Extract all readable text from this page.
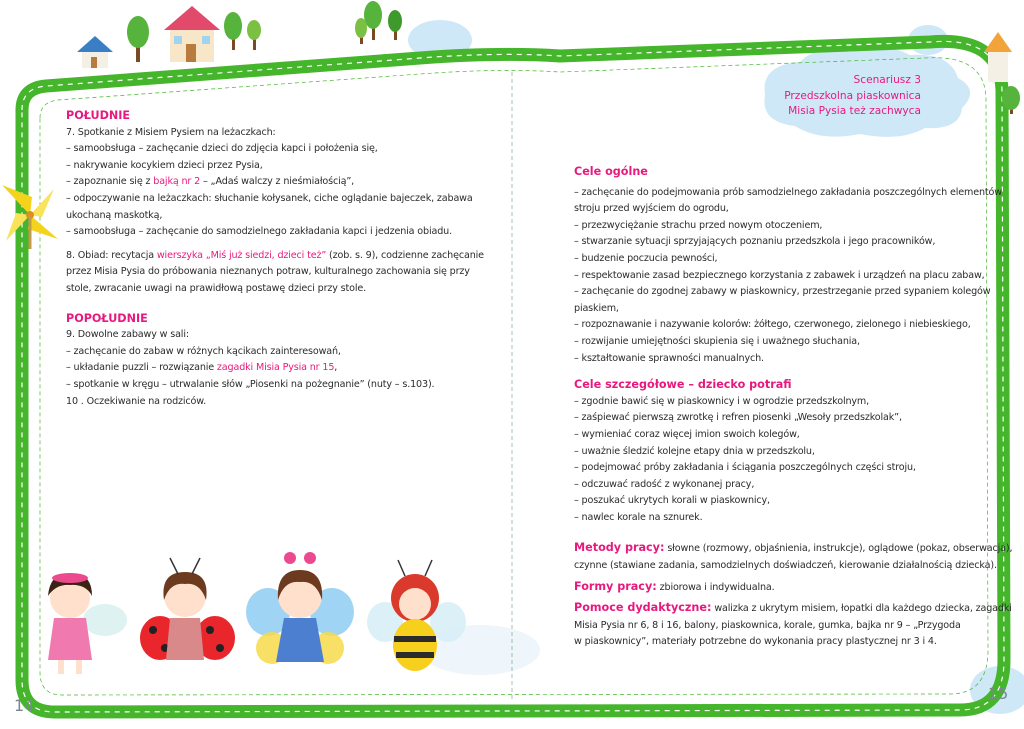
Scenariusz 3
Przedszkolna piaskownica
Misia Pysia też zachwyca

POŁUDNIE

7. Spotkanie z Misiem Pysiem na leżaczkach:

– samoobsługa – zachęcanie dzieci do zdjęcia kapci i położenia się,

– nakrywanie kocykiem dzieci przez Pysia,

– zapoznanie się z bajką nr 2 – „Adaś walczy z nieśmiałością”,

– odpoczywanie na leżaczkach: słuchanie kołysanek, ciche oglądanie bajeczek, zabawa

ukochaną maskotką,

– samoobsługa – zachęcanie do samodzielnego zakładania kapci i jedzenia obiadu.

8. Obiad: recytacja wierszyka „Miś już siedzi, dzieci też” (zob. s. 9), codzienne zachęcanie

przez Misia Pysia do próbowania nieznanych potraw, kulturalnego zachowania się przy

stole, zwracanie uwagi na prawidłową postawę dzieci przy stole.

POPOŁUDNIE

9. Dowolne zabawy w sali:

– zachęcanie do zabaw w różnych kącikach zainteresowań,

– układanie puzzli – rozwiązanie zagadki Misia Pysia nr 15,

– spotkanie w kręgu – utrwalanie słów „Piosenki na pożegnanie” (nuty – s.103).

10 . Oczekiwanie na rodziców.

Cele ogólne

– zachęcanie do podejmowania prób samodzielnego zakładania poszczególnych elementów

stroju przed wyjściem do ogrodu,

– przezwyciężanie strachu przed nowym otoczeniem,

– stwarzanie sytuacji sprzyjających poznaniu przedszkola i jego pracowników,

– budzenie poczucia pewności,

– respektowanie zasad bezpiecznego korzystania z zabawek i urządzeń na placu zabaw,

– zachęcanie do zgodnej zabawy w piaskownicy, przestrzeganie przed sypaniem kolegów

piaskiem,

– rozpoznawanie i nazywanie kolorów: żółtego, czerwonego, zielonego i niebieskiego,

– rozwijanie umiejętności skupienia się i uważnego słuchania,

– kształtowanie sprawności manualnych.

Cele szczegółowe – dziecko potrafi

– zgodnie bawić się w piaskownicy i w ogrodzie przedszkolnym,

– zaśpiewać pierwszą zwrotkę i refren piosenki „Wesoły przedszkolak”,

– wymieniać coraz więcej imion swoich kolegów,

– uważnie śledzić kolejne etapy dnia w przedszkolu,

– podejmować próby zakładania i ściągania poszczególnych części stroju,

– odczuwać radość z wykonanej pracy,

– poszukać ukrytych korali w piaskownicy,

– nawlec korale na sznurek.

Metody pracy: słowne (rozmowy, objaśnienia, instrukcje), oglądowe (pokaz, obserwacja),

czynne (stawiane zadania, samodzielnych doświadczeń, kierowanie działalnością dziecka).

Formy pracy: zbiorowa i indywidualna.

Pomoce dydaktyczne: walizka z ukrytym misiem, łopatki dla każdego dziecka, zagadki

Misia Pysia nr 6, 8 i 16, balony, piaskownica, korale, gumka, bajka nr 9 – „Przygoda

w piaskownicy”, materiały potrzebne do wykonania pracy plastycznej nr 3 i 4.

14
15
